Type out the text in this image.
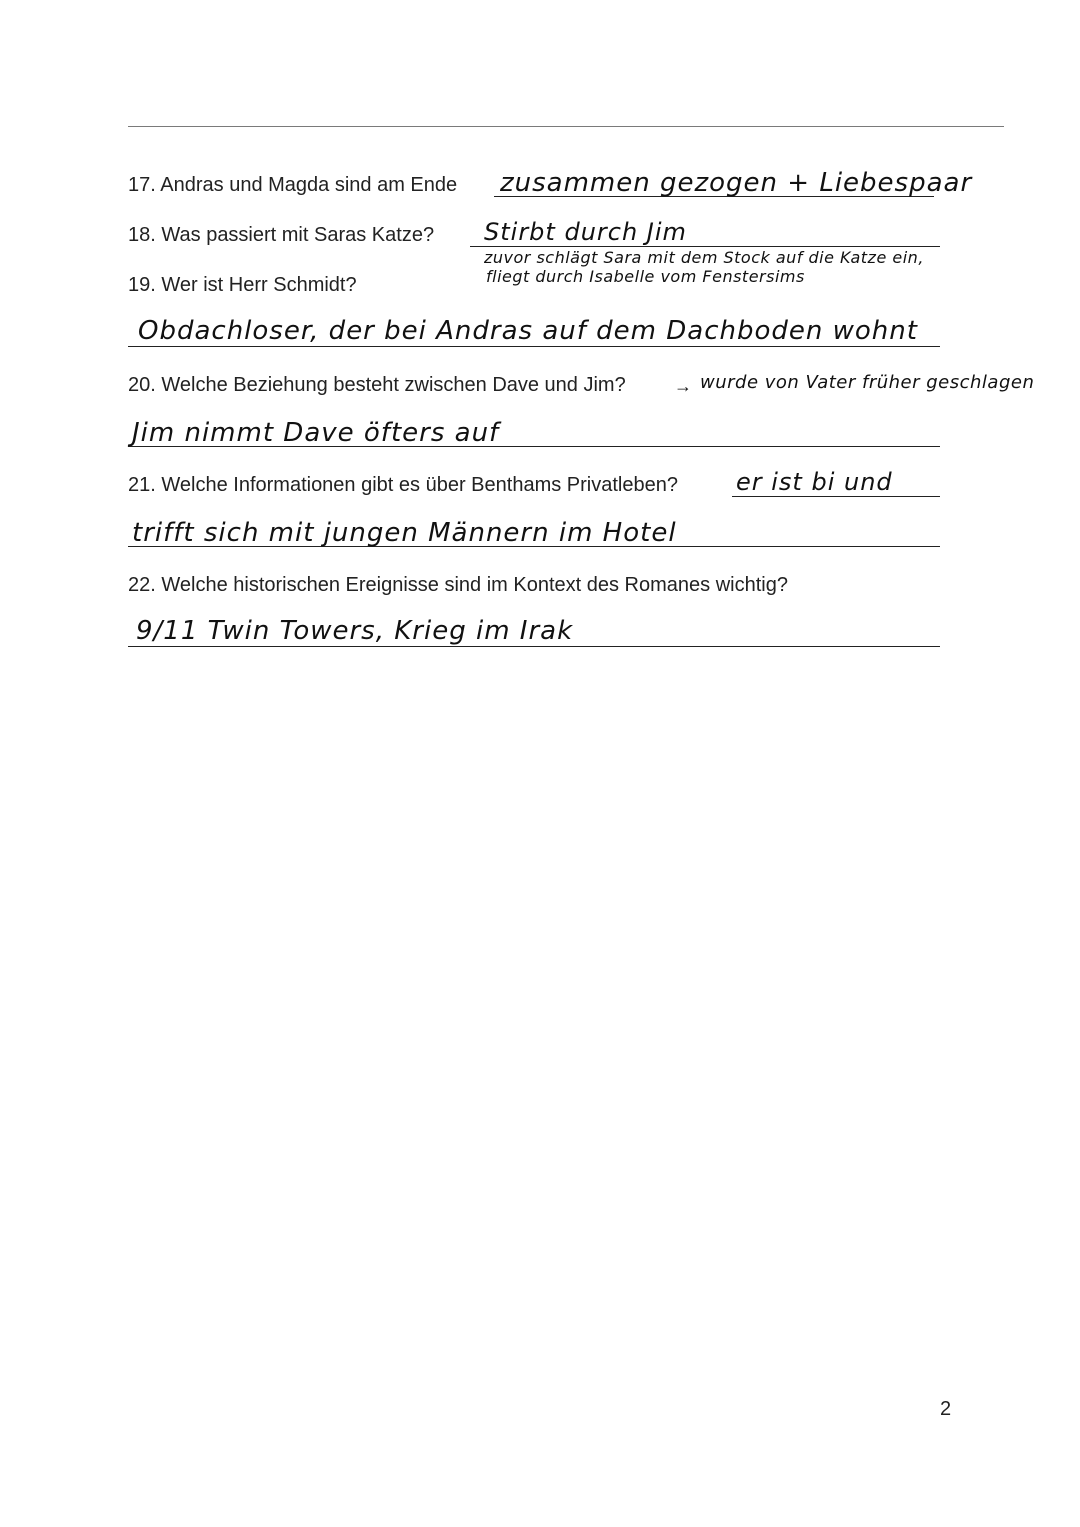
17. Andras und Magda sind am Ende zusammen gezogen + Liebespaar
18. Was passiert mit Saras Katze? Stirbt durch Jim
19. Wer ist Herr Schmidt?
zuvor schlägt Sara mit dem Stock auf die Katze ein,
fliegt durch Isabelle vom Fenstersims
Obdachloser, der bei Andras auf dem Dachboden wohnt
20. Welche Beziehung besteht zwischen Dave und Jim?	→ wurde von Vater früher geschlagen
Jim nimmt Dave öfters auf
21. Welche Informationen gibt es über Benthams Privatleben? er ist bi und
trifft sich mit jungen Männern im Hotel
22. Welche historischen Ereignisse sind im Kontext des Romanes wichtig?
9/11 Twin Towers, Krieg im Irak
2
